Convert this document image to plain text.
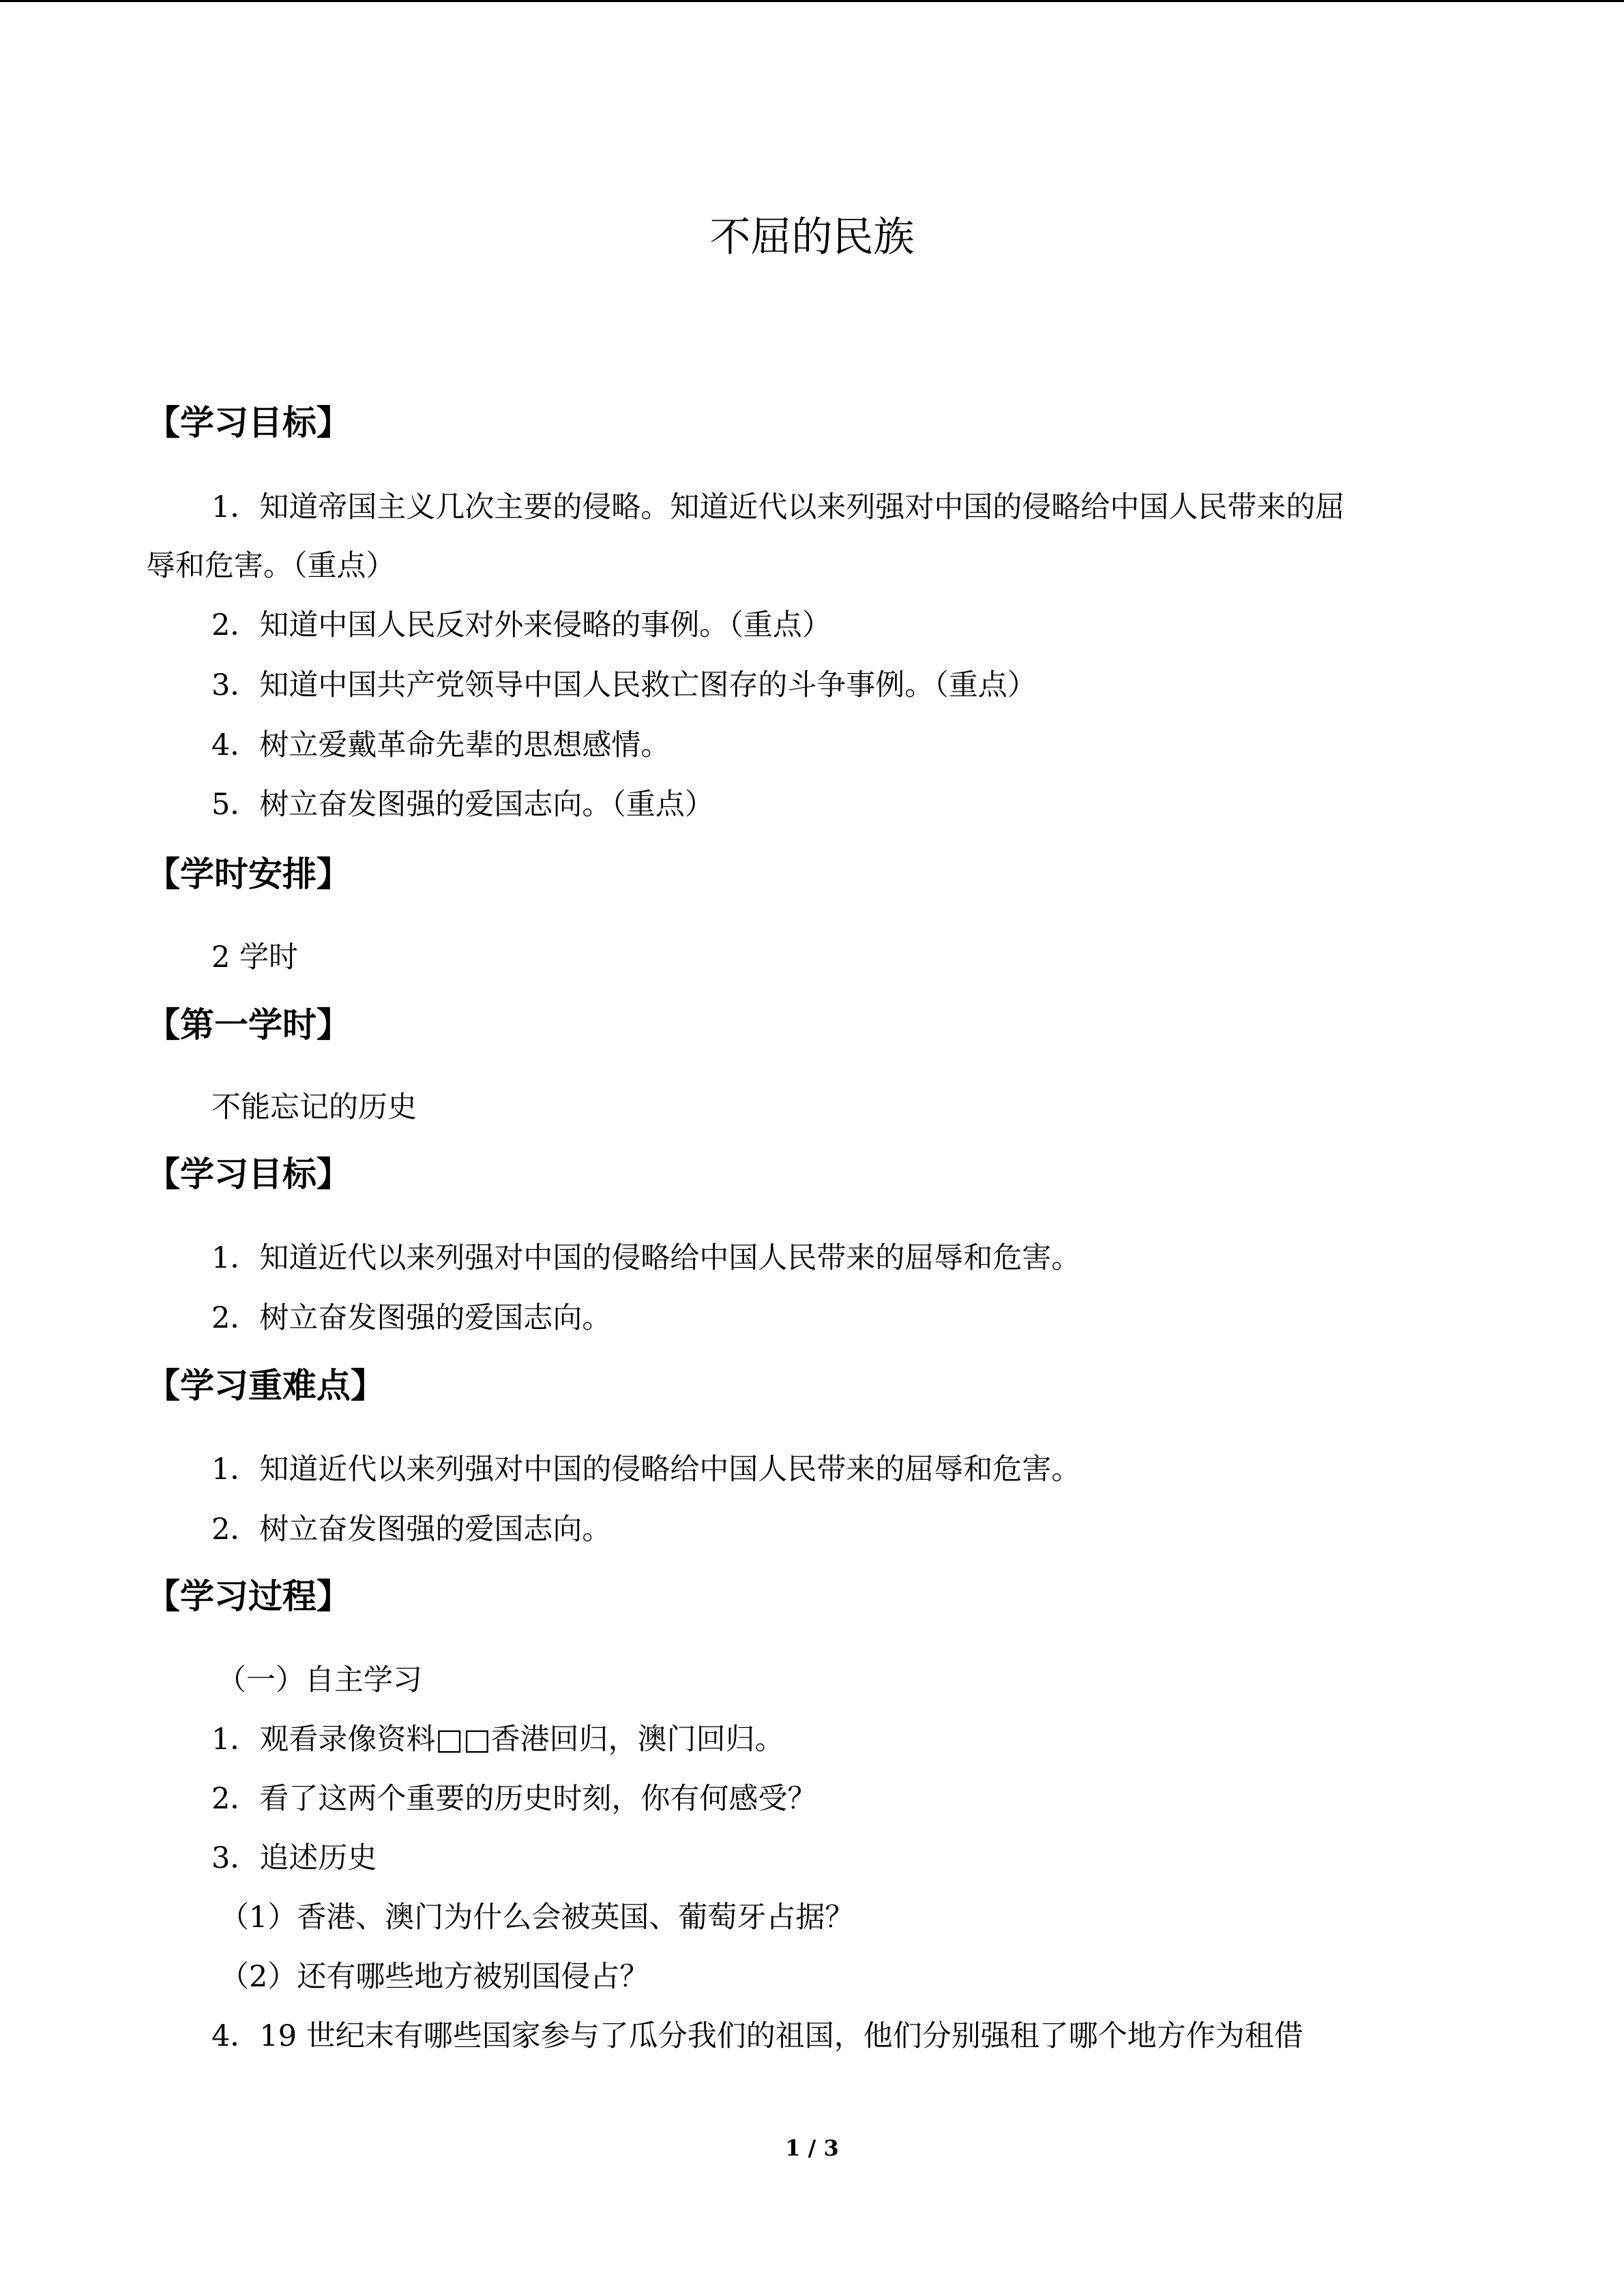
不屈的民族
【学习目标】

1．知道帝国主义几次主要的侵略。知道近代以来列强对中国的侵略给中国人民带来的屈

辱和危害。（重点）

2．知道中国人民反对外来侵略的事例。（重点）

3．知道中国共产党领导中国人民救亡图存的斗争事例。（重点）

4．树立爱戴革命先辈的思想感情。

5．树立奋发图强的爱国志向。（重点）

【学时安排】

2 学时

【第一学时】

不能忘记的历史

【学习目标】

1．知道近代以来列强对中国的侵略给中国人民带来的屈辱和危害。

2．树立奋发图强的爱国志向。

【学习重难点】

1．知道近代以来列强对中国的侵略给中国人民带来的屈辱和危害。

2．树立奋发图强的爱国志向。

【学习过程】

（一）自主学习

1．观看录像资料□□香港回归，澳门回归。

2．看了这两个重要的历史时刻，你有何感受？

3．追述历史

（1）香港、澳门为什么会被英国、葡萄牙占据？

（2）还有哪些地方被别国侵占？

4．19 世纪末有哪些国家参与了瓜分我们的祖国，他们分别强租了哪个地方作为租借

1 / 3
